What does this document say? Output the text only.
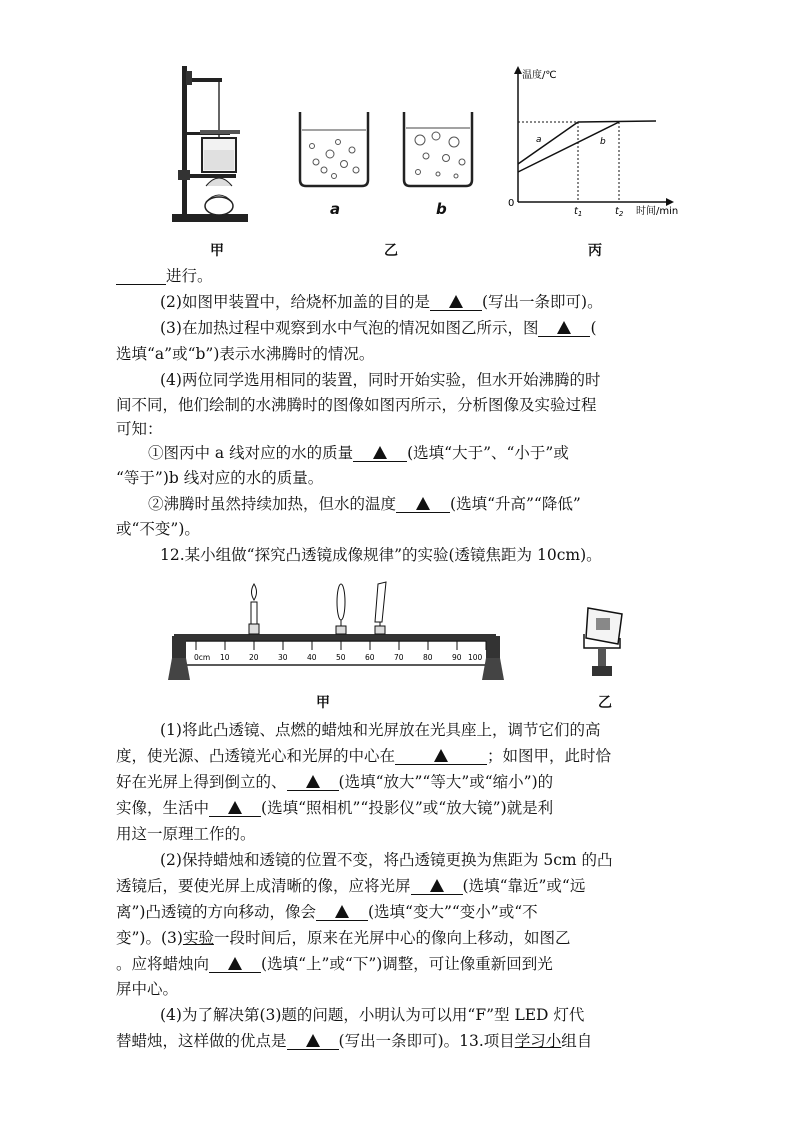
a	b
温度/℃
0
时间/min
a	b
$t_1$	$t_2$
甲	乙	丙
进行。
(2)如图甲装置中，给烧杯加盖的目的是	(写出一条即可)。
(3)在加热过程中观察到水中气泡的情况如图乙所示，图	(
选填“a”或“b”)表示水沸腾时的情况。
(4)两位同学选用相同的装置，同时开始实验，但水开始沸腾的时
间不同，他们绘制的水沸腾时的图像如图丙所示，分析图像及实验过程
可知：
①图丙中 a 线对应的水的质量	(选填“大于”、“小于”或
“等于”)b 线对应的水的质量。
②沸腾时虽然持续加热，但水的温度	(选填“升高”“降低”
或“不变”)。
12.某小组做“探究凸透镜成像规律”的实验(透镜焦距为 10cm)。
0cm 10	20	30	40	50	60	70	80	90 100
甲	乙
(1)将此凸透镜、点燃的蜡烛和光屏放在光具座上，调节它们的高
度，使光源、凸透镜光心和光屏的中心在	；如图甲，此时恰
好在光屏上得到倒立的、	(选填“放大”“等大”或“缩小”)的
实像，生活中	(选填“照相机”“投影仪”或“放大镜”)就是利
用这一原理工作的。
(2)保持蜡烛和透镜的位置不变，将凸透镜更换为焦距为 5cm 的凸
透镜后，要使光屏上成清晰的像，应将光屏	(选填“靠近”或“远
离”)凸透镜的方向移动，像会	(选填“变大”“变小”或“不
变”)。(3)实验一段时间后，原来在光屏中心的像向上移动，如图乙
。应将蜡烛向	(选填“上”或“下”)调整，可让像重新回到光
屏中心。
(4)为了解决第(3)题的问题，小明认为可以用“F”型 LED 灯代
替蜡烛，这样做的优点是	(写出一条即可)。13.项目学习小组自
